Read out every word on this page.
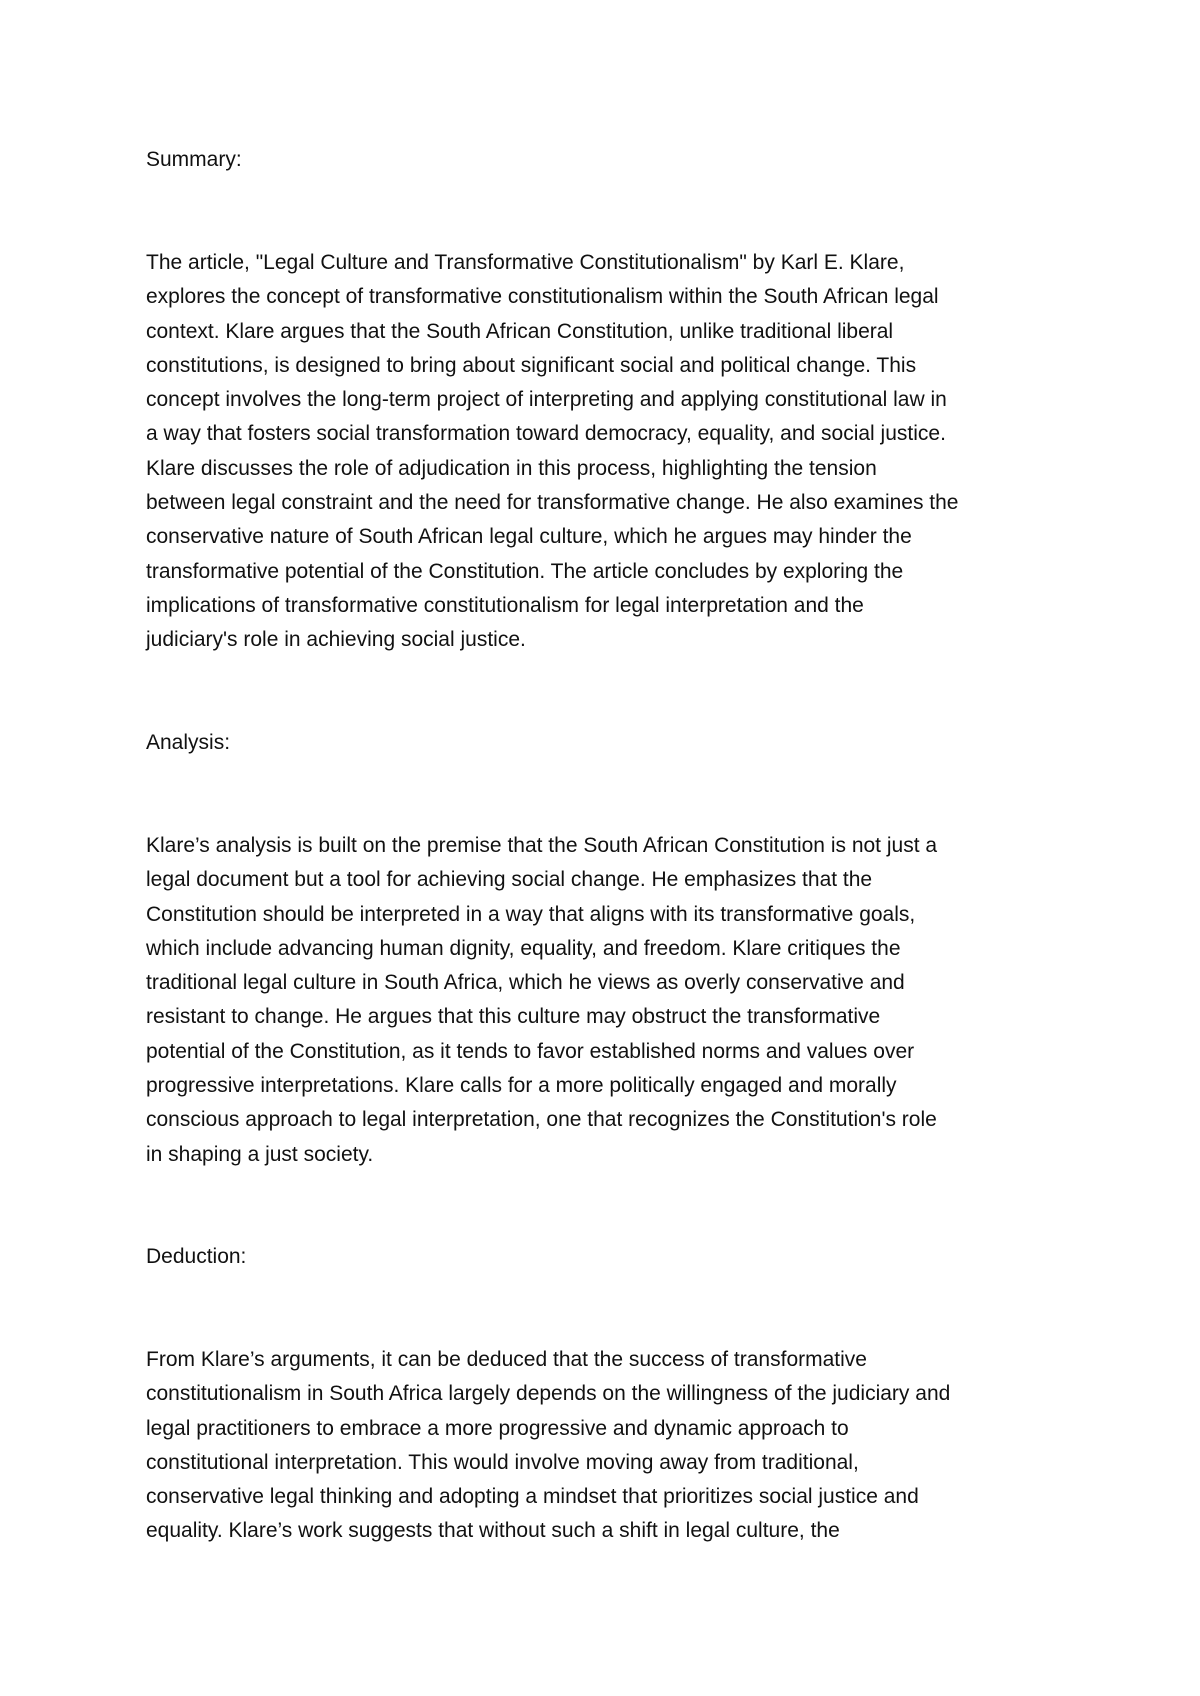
Summary:
The article, "Legal Culture and Transformative Constitutionalism" by Karl E. Klare,
explores the concept of transformative constitutionalism within the South African legal
context. Klare argues that the South African Constitution, unlike traditional liberal
constitutions, is designed to bring about significant social and political change. This
concept involves the long-term project of interpreting and applying constitutional law in
a way that fosters social transformation toward democracy, equality, and social justice.
Klare discusses the role of adjudication in this process, highlighting the tension
between legal constraint and the need for transformative change. He also examines the
conservative nature of South African legal culture, which he argues may hinder the
transformative potential of the Constitution. The article concludes by exploring the
implications of transformative constitutionalism for legal interpretation and the
judiciary's role in achieving social justice.
Analysis:
Klare’s analysis is built on the premise that the South African Constitution is not just a
legal document but a tool for achieving social change. He emphasizes that the
Constitution should be interpreted in a way that aligns with its transformative goals,
which include advancing human dignity, equality, and freedom. Klare critiques the
traditional legal culture in South Africa, which he views as overly conservative and
resistant to change. He argues that this culture may obstruct the transformative
potential of the Constitution, as it tends to favor established norms and values over
progressive interpretations. Klare calls for a more politically engaged and morally
conscious approach to legal interpretation, one that recognizes the Constitution's role
in shaping a just society.
Deduction:
From Klare’s arguments, it can be deduced that the success of transformative
constitutionalism in South Africa largely depends on the willingness of the judiciary and
legal practitioners to embrace a more progressive and dynamic approach to
constitutional interpretation. This would involve moving away from traditional,
conservative legal thinking and adopting a mindset that prioritizes social justice and
equality. Klare’s work suggests that without such a shift in legal culture, the
